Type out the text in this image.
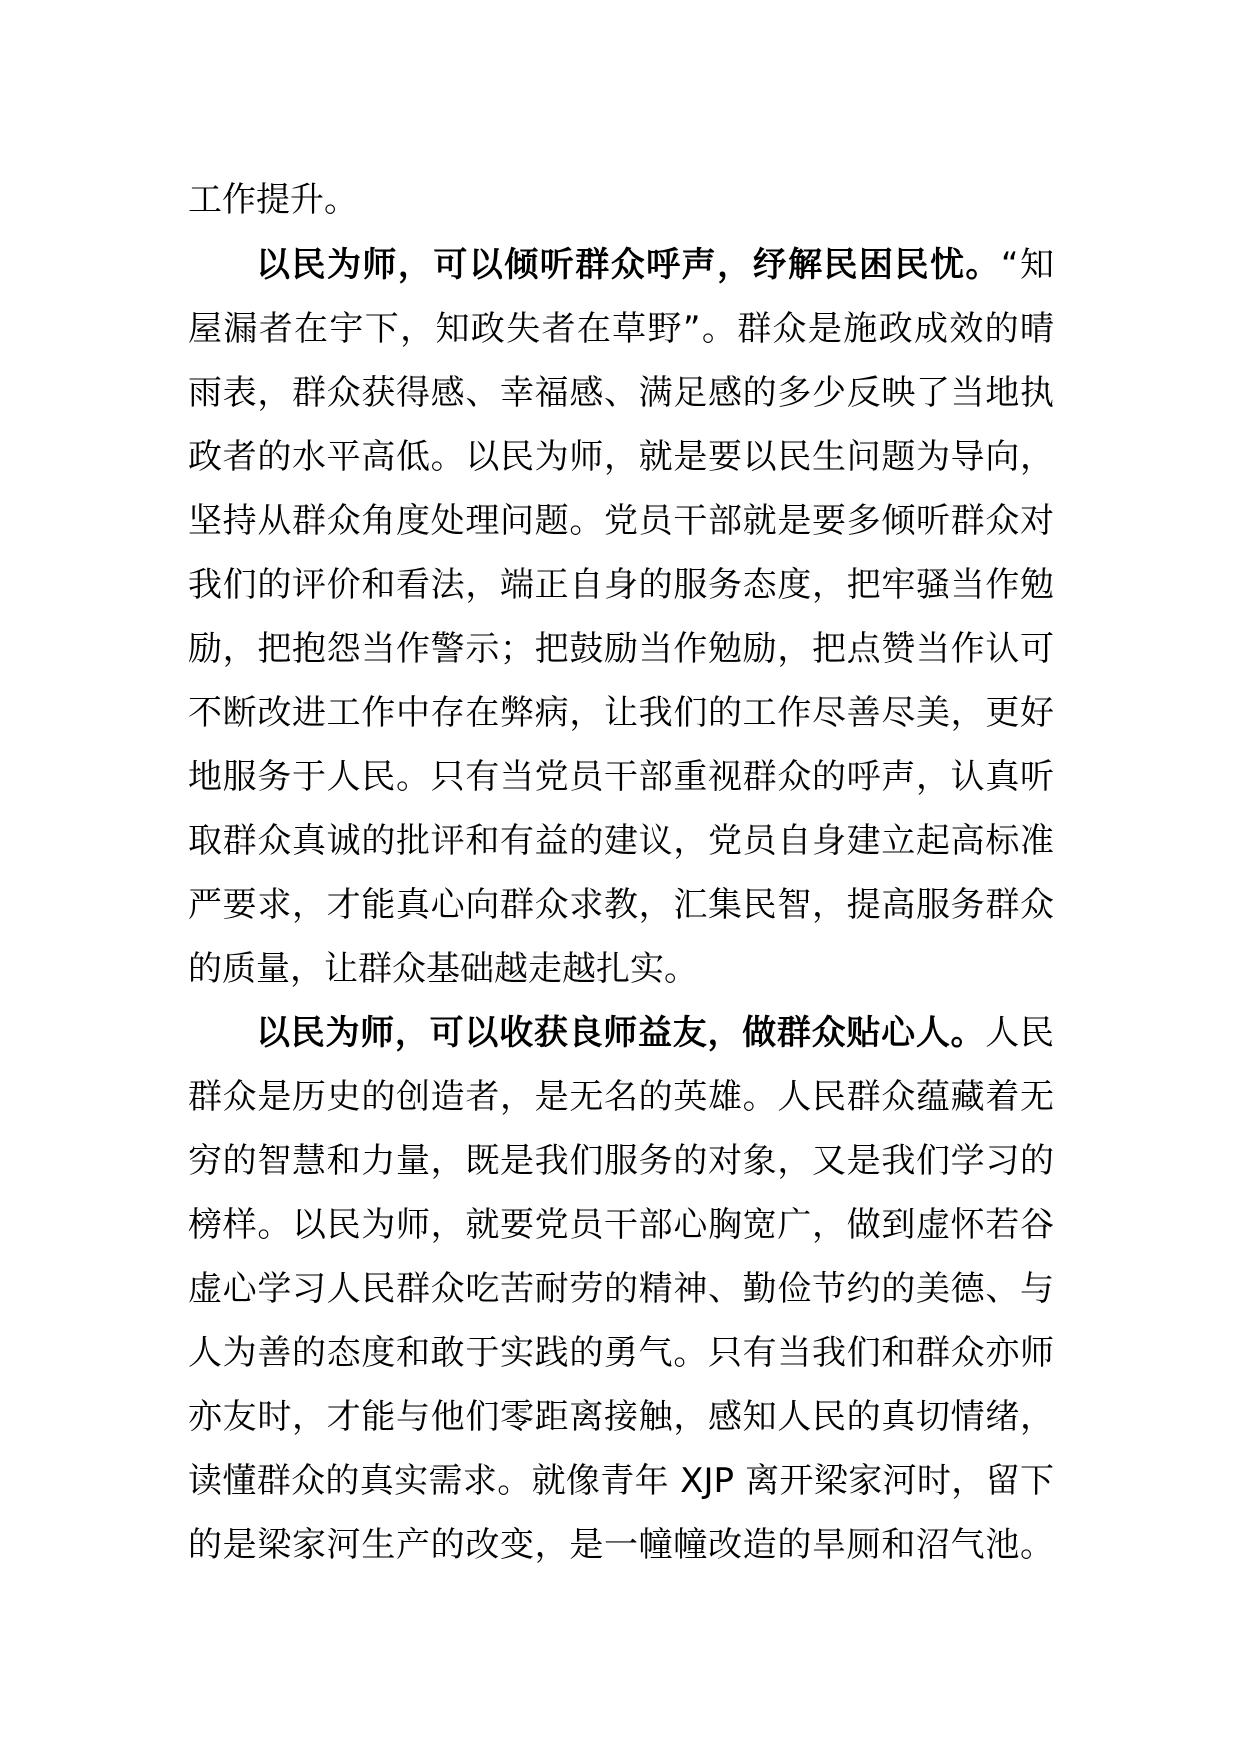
工作提升。
以民为师，可以倾听群众呼声，纾解民困民忧。“知
屋漏者在宇下，知政失者在草野”。群众是施政成效的晴
雨表，群众获得感、幸福感、满足感的多少反映了当地执
政者的水平高低。以民为师，就是要以民生问题为导向，
坚持从群众角度处理问题。党员干部就是要多倾听群众对
我们的评价和看法，端正自身的服务态度，把牢骚当作勉
励，把抱怨当作警示；把鼓励当作勉励，把点赞当作认可
不断改进工作中存在弊病，让我们的工作尽善尽美，更好
地服务于人民。只有当党员干部重视群众的呼声，认真听
取群众真诚的批评和有益的建议，党员自身建立起高标准
严要求，才能真心向群众求教，汇集民智，提高服务群众
的质量，让群众基础越走越扎实。
以民为师，可以收获良师益友，做群众贴心人。人民
群众是历史的创造者，是无名的英雄。人民群众蕴藏着无
穷的智慧和力量，既是我们服务的对象，又是我们学习的
榜样。以民为师，就要党员干部心胸宽广，做到虚怀若谷
虚心学习人民群众吃苦耐劳的精神、勤俭节约的美德、与
人为善的态度和敢于实践的勇气。只有当我们和群众亦师
亦友时，才能与他们零距离接触，感知人民的真切情绪，
读懂群众的真实需求。就像青年 XJP 离开梁家河时，留下
的是梁家河生产的改变，是一幢幢改造的旱厕和沼气池。
